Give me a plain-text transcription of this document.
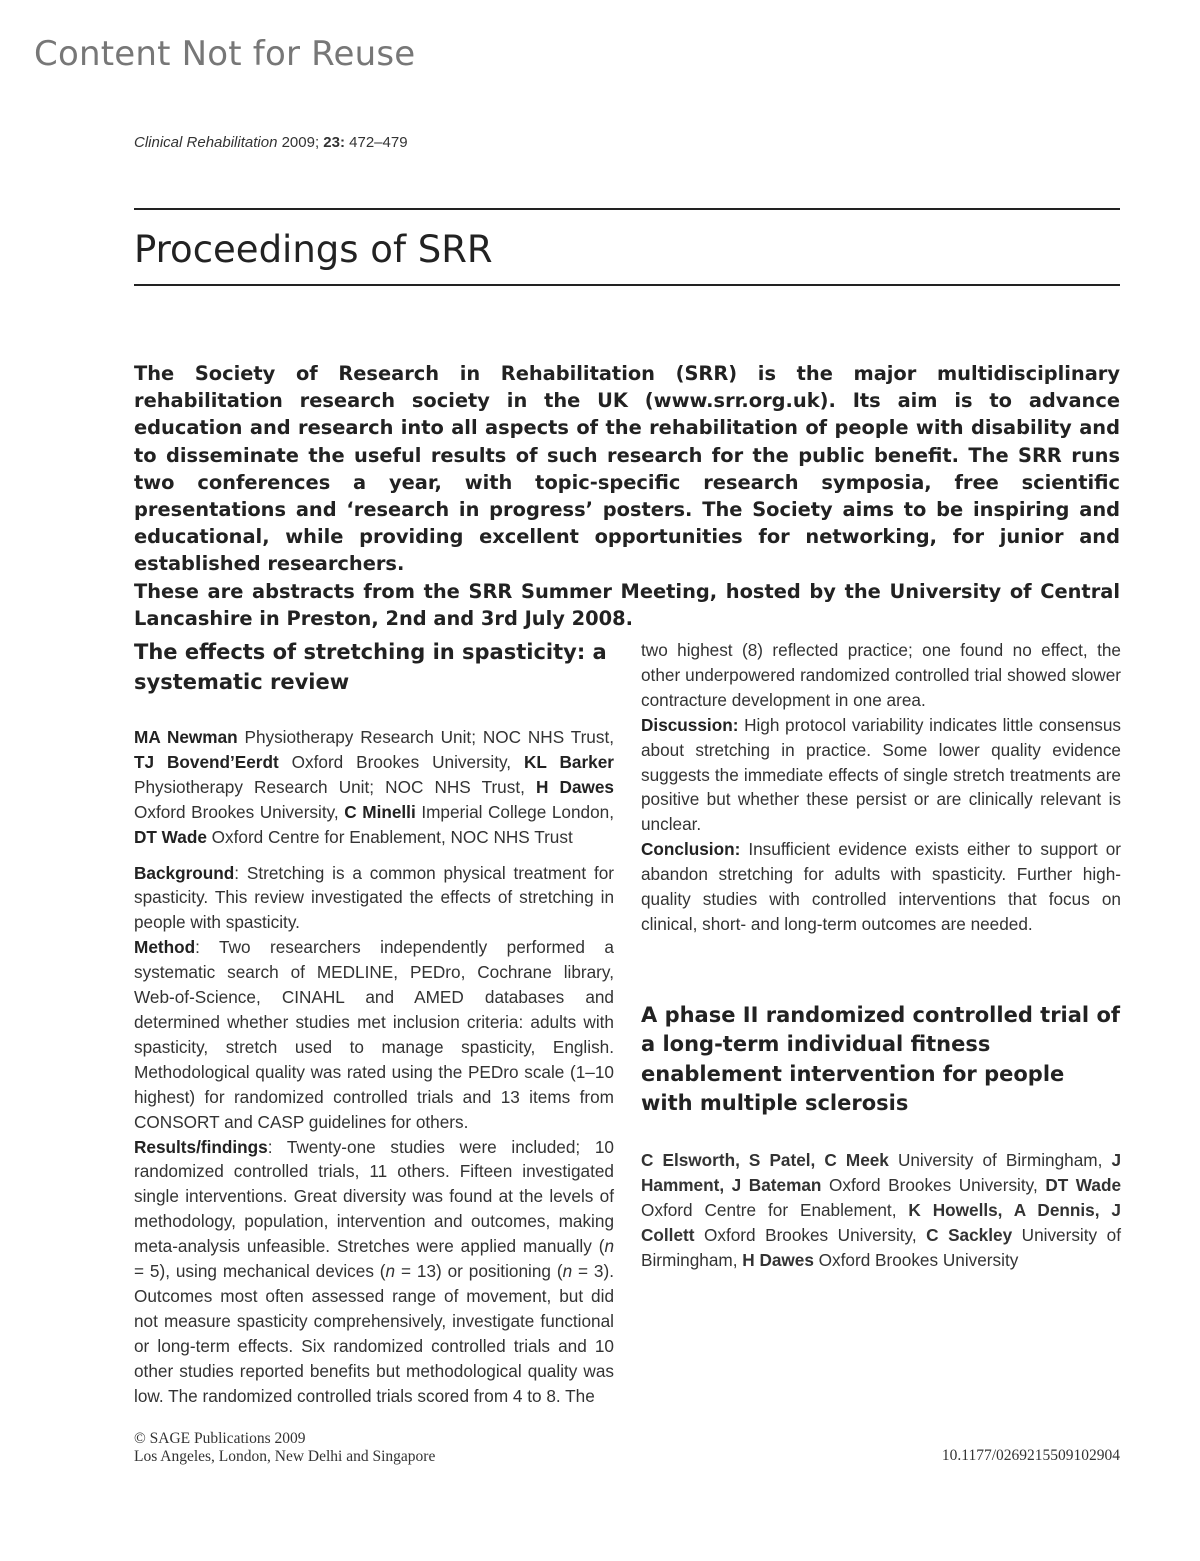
Content Not for Reuse
Clinical Rehabilitation 2009; 23: 472–479
Proceedings of SRR

The Society of Research in Rehabilitation (SRR) is the major multidisciplinary rehabilitation research society in the UK (www.srr.org.uk). Its aim is to advance education and research into all aspects of the rehabilitation of people with disability and to disseminate the useful results of such research for the public benefit. The SRR runs two conferences a year, with topic-specific research symposia, free scientific presentations and ‘research in progress’ posters. The Society aims to be inspiring and educational, while providing excellent opportunities for networking, for junior and established researchers.

These are abstracts from the SRR Summer Meeting, hosted by the University of Central Lancashire in Preston, 2nd and 3rd July 2008.

The effects of stretching in spasticity: a systematic review

MA Newman Physiotherapy Research Unit; NOC NHS Trust, TJ Bovend’Eerdt Oxford Brookes University, KL Barker Physiotherapy Research Unit; NOC NHS Trust, H Dawes Oxford Brookes University, C Minelli Imperial College London, DT Wade Oxford Centre for Enablement, NOC NHS Trust

Background: Stretching is a common physical treatment for spasticity. This review investigated the effects of stretching in people with spasticity.

Method: Two researchers independently performed a systematic search of MEDLINE, PEDro, Cochrane library, Web-of-Science, CINAHL and AMED databases and determined whether studies met inclusion criteria: adults with spasticity, stretch used to manage spasticity, English. Methodological quality was rated using the PEDro scale (1–10 highest) for randomized controlled trials and 13 items from CONSORT and CASP guidelines for others.

Results/findings: Twenty-one studies were included; 10 randomized controlled trials, 11 others. Fifteen investigated single interventions. Great diversity was found at the levels of methodology, population, intervention and outcomes, making meta-analysis unfeasible. Stretches were applied manually (n = 5), using mechanical devices (n = 13) or positioning (n = 3). Outcomes most often assessed range of movement, but did not measure spasticity comprehensively, investigate functional or long-term effects. Six randomized controlled trials and 10 other studies reported benefits but methodological quality was low. The randomized controlled trials scored from 4 to 8. The

two highest (8) reflected practice; one found no effect, the other underpowered randomized controlled trial showed slower contracture development in one area.

Discussion: High protocol variability indicates little consensus about stretching in practice. Some lower quality evidence suggests the immediate effects of single stretch treatments are positive but whether these persist or are clinically relevant is unclear.

Conclusion: Insufficient evidence exists either to support or abandon stretching for adults with spasticity. Further high-quality studies with controlled interventions that focus on clinical, short- and long-term outcomes are needed.

A phase II randomized controlled trial of a long-term individual fitness enablement intervention for people with multiple sclerosis

C Elsworth, S Patel, C Meek University of Birmingham, J Hamment, J Bateman Oxford Brookes University, DT Wade Oxford Centre for Enablement, K Howells, A Dennis, J Collett Oxford Brookes University, C Sackley University of Birmingham, H Dawes Oxford Brookes University

© SAGE Publications 2009
Los Angeles, London, New Delhi and Singapore	10.1177/0269215509102904
